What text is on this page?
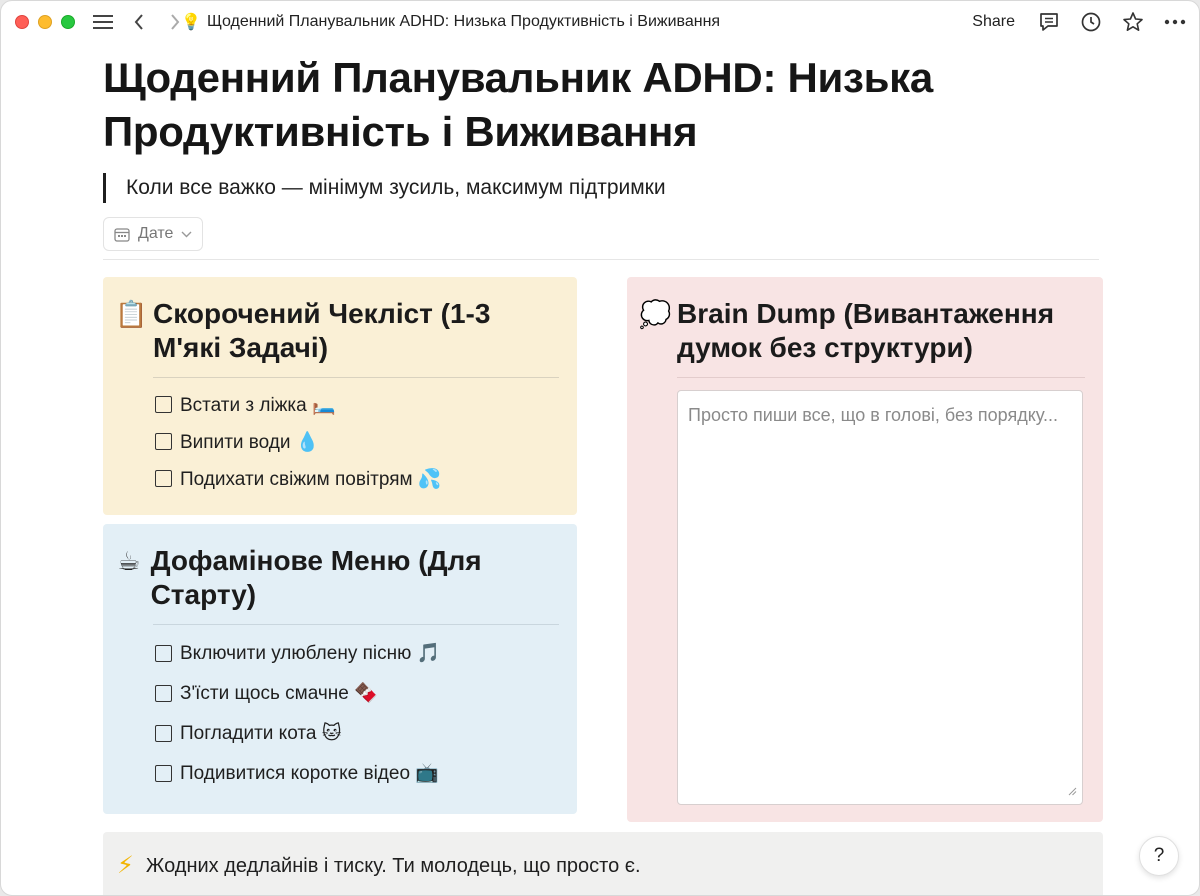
💡 Щоденний Планувальник ADHD: Низька Продуктивність і Виживання	Share
Щоденний Планувальник ADHD: Низька Продуктивність і Виживання
Коли все важко — мінімум зусиль, максимум підтримки
Дате
📋 Скорочений Чекліст (1-3 М'які Задачі)
Встати з ліжка 🛏️
Випити води 💧
Подихати свіжим повітрям 💦
☕ Дофамінове Меню (Для Старту)
Включити улюблену пісню 🎵
З'їсти щось смачне 🍫
Погладити кота 🐱
Подивитися коротке відео 📺
💭 Brain Dump (Вивантаження думок без структури)
Просто пиши все, що в голові, без порядку...
⚡ Жодних дедлайнів і тиску. Ти молодець, що просто є.	?
